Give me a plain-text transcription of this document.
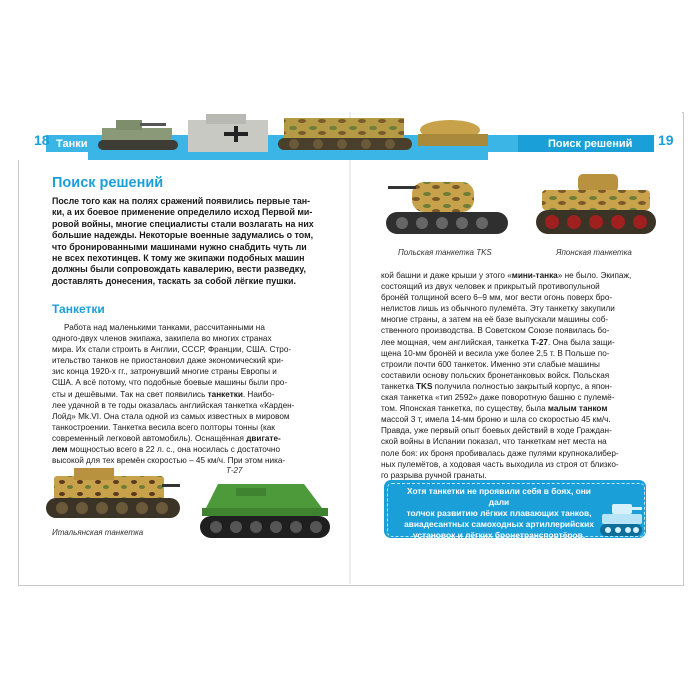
18 Танки	Поиск решений 19
Поиск решений
После того как на полях сражений появились первые тан-
ки, а их боевое применение определило исход Первой ми-
ровой войны, многие специалисты стали возлагать на них
большие надежды. Некоторые военные задумались о том,
что бронированными машинами нужно снабдить чуть ли
не всех пехотинцев. К тому же экипажи подобных машин
должны были сопровождать кавалерию, вести разведку,
доставлять донесения, таскать за собой лёгкие пушки.
Танкетки
Работа над маленькими танками, рассчитанными на
одного-двух членов экипажа, закипела во многих странах
мира. Их стали строить в Англии, СССР, Франции, США. Стро-
ительство танков не приостановил даже экономический кри-
зис конца 1920-х гг., затронувший многие страны Европы и
США. А всё потому, что подобные боевые машины были про-
сты и дешёвыми. Так на свет появились танкетки. Наибо-
лее удачной в те годы оказалась английская танкетка «Карден-
Лойд» Mk.VI. Она стала одной из самых известных в мировом
танкостроении. Танкетка весила всего полторы тонны (как
современный легковой автомобиль). Оснащённая двигате-
лем мощностью всего в 22 л. с., она носилась с достаточно
высокой для тех времён скоростью – 45 км/ч. При этом ника-
Итальянская танкетка
Т-27
Польская танкетка TKS	Японская танкетка
кой башни и даже крыши у этого «мини-танка» не было. Экипаж,
состоящий из двух человек и прикрытый противопульной
бронёй толщиной всего 6–9 мм, мог вести огонь поверх бро-
нелистов лишь из обычного пулемёта. Эту танкетку закупили
многие страны, а затем на её базе выпускали машины соб-
ственного производства. В Советском Союзе появилась бо-
лее мощная, чем английская, танкетка Т-27. Она была защи-
щена 10-мм бронёй и весила уже более 2,5 т. В Польше по-
строили почти 600 танкеток. Именно эти слабые машины
составили основу польских бронетанковых войск. Польская
танкетка TKS получила полностью закрытый корпус, а япон-
ская танкетка «тип 2592» даже поворотную башню с пулемё-
том. Японская танкетка, по существу, была малым танком
массой 3 т, имела 14-мм броню и шла со скоростью 45 км/ч.
Правда, уже первый опыт боевых действий в ходе Граждан-
ской войны в Испании показал, что танкеткам нет места на
поле боя: их броня пробивалась даже пулями крупнокалибер-
ных пулемётов, а ходовая часть выходила из строя от близко-
го разрыва ручной гранаты.
Хотя танкетки не проявили себя в боях, они дали
толчок развитию лёгких плавающих танков,
авиадесантных самоходных артиллерийских
установок и лёгких бронетранспортёров.
